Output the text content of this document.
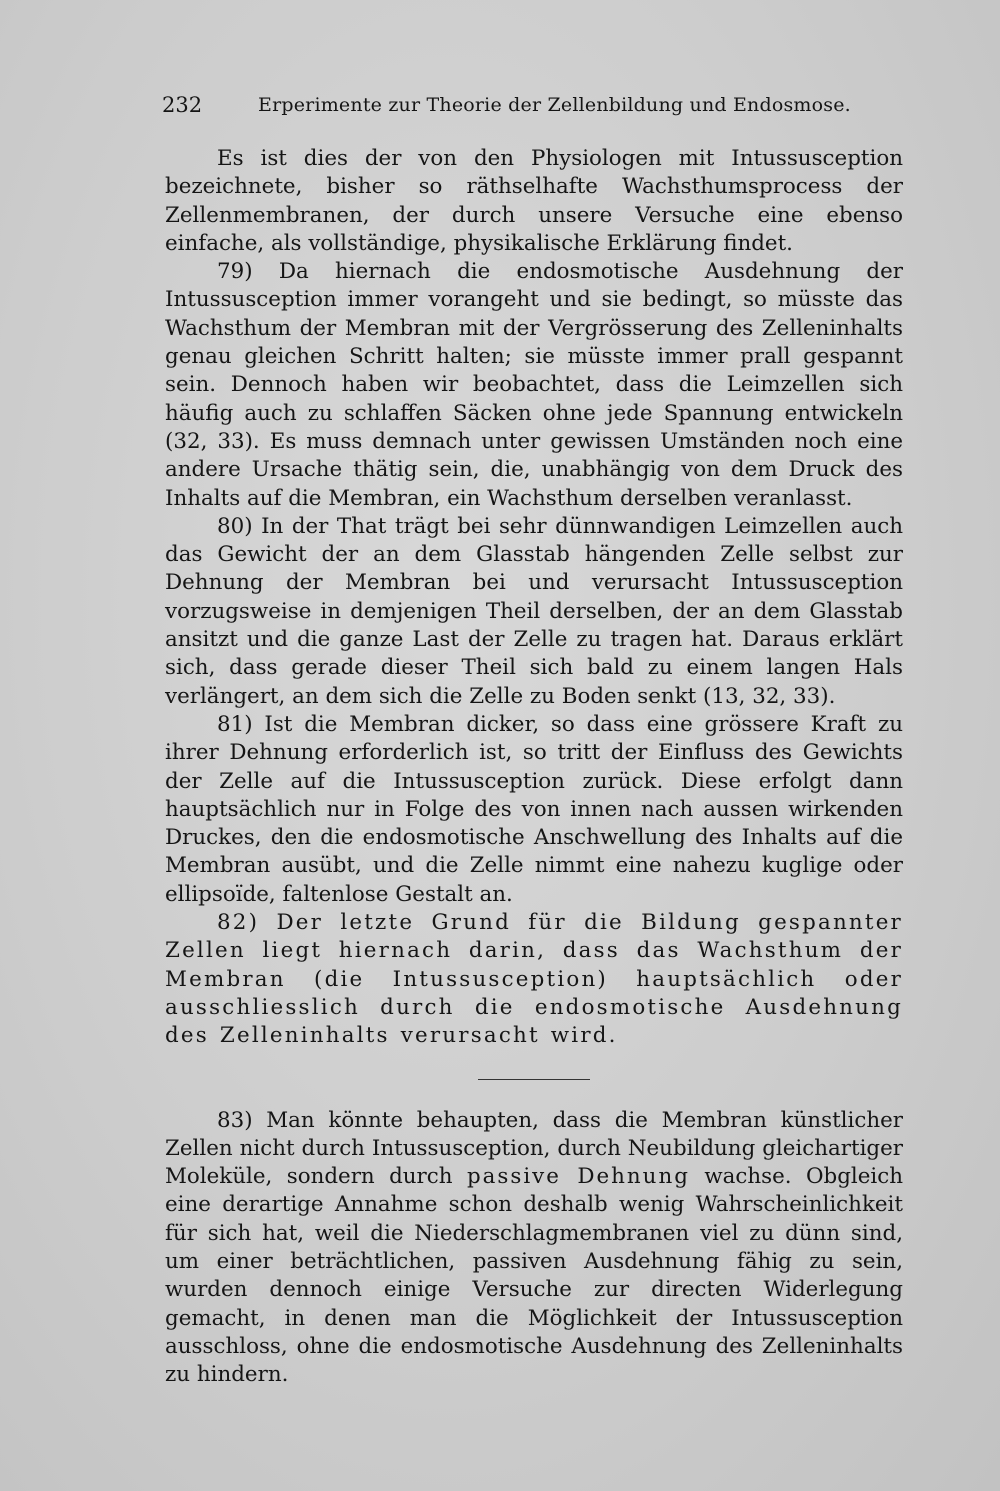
232	Erperimente zur Theorie der Zellenbildung und Endosmose.

Es ist dies der von den Physiologen mit Intussusception bezeichnete, bisher so räthselhafte Wachsthumsprocess der Zellenmembranen, der durch unsere Versuche eine ebenso einfache, als vollständige, physikalische Erklärung findet.

79) Da hiernach die endosmotische Ausdehnung der Intussusception immer vorangeht und sie bedingt, so müsste das Wachsthum der Membran mit der Vergrösserung des Zelleninhalts genau gleichen Schritt halten; sie müsste immer prall gespannt sein. Dennoch haben wir beobachtet, dass die Leimzellen sich häufig auch zu schlaffen Säcken ohne jede Spannung entwickeln (32, 33). Es muss demnach unter gewissen Umständen noch eine andere Ursache thätig sein, die, unabhängig von dem Druck des Inhalts auf die Membran, ein Wachsthum derselben veranlasst.

80) In der That trägt bei sehr dünnwandigen Leimzellen auch das Gewicht der an dem Glasstab hängenden Zelle selbst zur Dehnung der Membran bei und verursacht Intussusception vorzugsweise in demjenigen Theil derselben, der an dem Glasstab ansitzt und die ganze Last der Zelle zu tragen hat. Daraus erklärt sich, dass gerade dieser Theil sich bald zu einem langen Hals verlängert, an dem sich die Zelle zu Boden senkt (13, 32, 33).

81) Ist die Membran dicker, so dass eine grössere Kraft zu ihrer Dehnung erforderlich ist, so tritt der Einfluss des Gewichts der Zelle auf die Intussusception zurück. Diese erfolgt dann hauptsächlich nur in Folge des von innen nach aussen wirkenden Druckes, den die endosmotische Anschwellung des Inhalts auf die Membran ausübt, und die Zelle nimmt eine nahezu kuglige oder ellipsoïde, faltenlose Gestalt an.

82) Der letzte Grund für die Bildung gespannter Zellen liegt hiernach darin, dass das Wachsthum der Membran (die Intussusception) hauptsächlich oder ausschliesslich durch die endosmotische Ausdehnung des Zelleninhalts verursacht wird.

83) Man könnte behaupten, dass die Membran künstlicher Zellen nicht durch Intussusception, durch Neubildung gleichartiger Moleküle, sondern durch passive Dehnung wachse. Obgleich eine derartige Annahme schon deshalb wenig Wahrscheinlichkeit für sich hat, weil die Niederschlagmembranen viel zu dünn sind, um einer beträchtlichen, passiven Ausdehnung fähig zu sein, wurden dennoch einige Versuche zur directen Widerlegung gemacht, in denen man die Möglichkeit der Intussusception ausschloss, ohne die endosmotische Ausdehnung des Zelleninhalts zu hindern.
